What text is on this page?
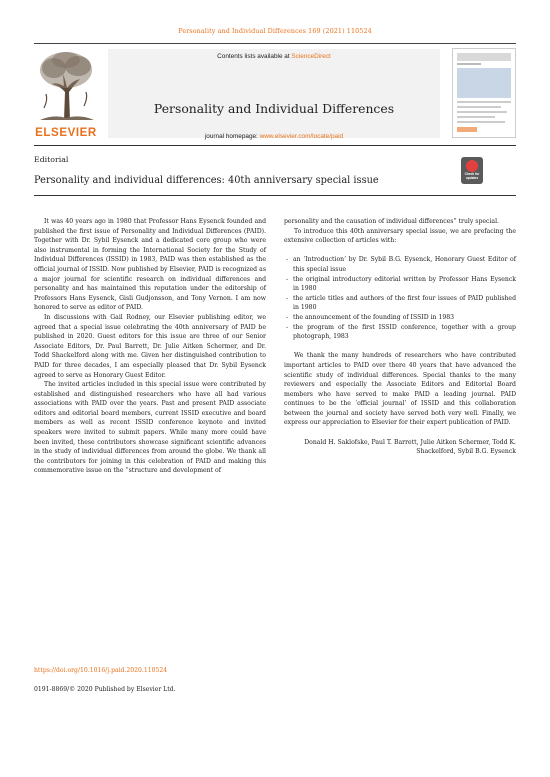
Personality and Individual Differences 169 (2021) 110524
ELSEVIER
Contents lists available at ScienceDirect
Personality and Individual Differences
journal homepage: www.elsevier.com/locate/paid
Editorial
Personality and individual differences: 40th anniversary special issue
Check for updates

It was 40 years ago in 1980 that Professor Hans Eysenck founded and published the first issue of Personality and Individual Differences (PAID). Together with Dr. Sybil Eysenck and a dedicated core group who were also instrumental in forming the International Society for the Study of Individual Differences (ISSID) in 1983, PAID was then established as the official journal of ISSID. Now published by Elsevier, PAID is recognized as a major journal for scientific research on individual differences and personality and has maintained this reputation under the editorship of Professors Hans Eysenck, Gisli Gudjonsson, and Tony Vernon. I am now honored to serve as editor of PAID.

In discussions with Gail Rodney, our Elsevier publishing editor, we agreed that a special issue celebrating the 40th anniversary of PAID be published in 2020. Guest editors for this issue are three of our Senior Associate Editors, Dr. Paul Barrett, Dr. Julie Aitken Schermer, and Dr. Todd Shackelford along with me. Given her distinguished contribution to PAID for three decades, I am especially pleased that Dr. Sybil Eysenck agreed to serve as Honorary Guest Editor.

The invited articles included in this special issue were contributed by established and distinguished researchers who have all had various associations with PAID over the years. Past and present PAID associate editors and editorial board members, current ISSID executive and board members as well as recent ISSID conference keynote and invited speakers were invited to submit papers. While many more could have been invited, these contributors showcase significant scientific advances in the study of individual differences from around the globe. We thank all the contributors for joining in this celebration of PAID and making this commemorative issue on the “structure and development of

personality and the causation of individual differences” truly special.

To introduce this 40th anniversary special issue, we are prefacing the extensive collection of articles with:

- an ‘Introduction’ by Dr. Sybil B.G. Eysenck, Honorary Guest Editor of this special issue
- the original introductory editorial written by Professor Hans Eysenck in 1980
- the article titles and authors of the first four issues of PAID published in 1980
- the announcement of the founding of ISSID in 1983
- the program of the first ISSID conference, together with a group photograph, 1983

We thank the many hundreds of researchers who have contributed important articles to PAID over there 40 years that have advanced the scientific study of individual differences. Special thanks to the many reviewers and especially the Associate Editors and Editorial Board members who have served to make PAID a leading journal. PAID continues to be the ‘official journal’ of ISSID and this collaboration between the journal and society have served both very well. Finally, we express our appreciation to Elsevier for their expert publication of PAID.

Donald H. Saklofske, Paul T. Barrett, Julie Aitken Schermer, Todd K. Shackelford, Sybil B.G. Eysenck
https://doi.org/10.1016/j.paid.2020.110524
0191-8869/© 2020 Published by Elsevier Ltd.
